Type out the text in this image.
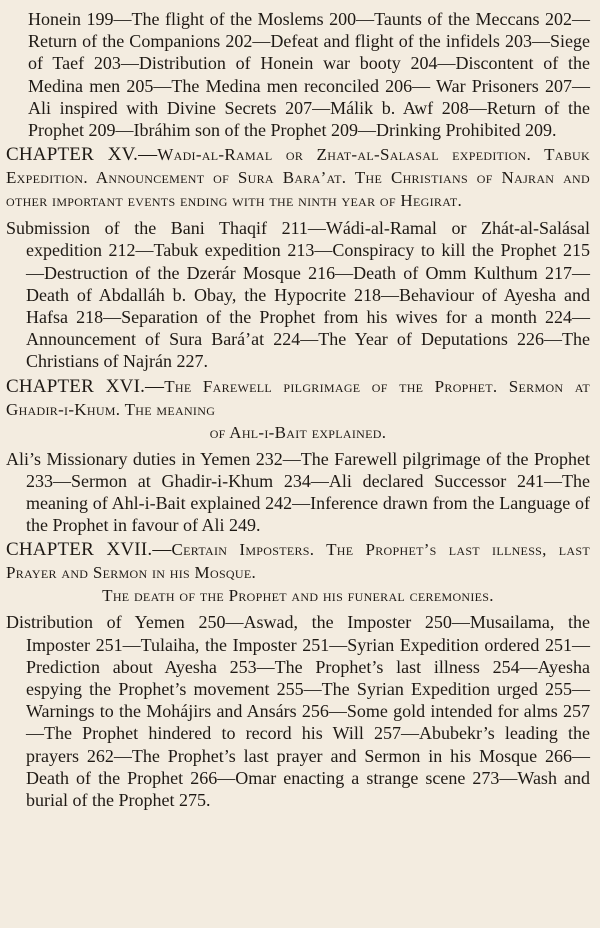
Honein 199—The flight of the Moslems 200—Taunts of the Meccans 202—Return of the Companions 202—Defeat and flight of the infidels 203—Siege of Taef 203—Distribution of Honein war booty 204—Discontent of the Medina men 205—The Medina men reconciled 206— War Prisoners 207—Ali inspired with Divine Secrets 207—Málik b. Awf 208—Return of the Prophet 209—Ibráhim son of the Prophet 209—Drinking Prohibited 209.

CHAPTER XV.—Wadi-al-Ramal or Zhat-al-Salasal expedition. Tabuk Expedition. Announcement of Sura Bara’at. The Christians of Najran and other important events ending with the ninth year of Hegirat.

Submission of the Bani Thaqif 211—Wádi-al-Ramal or Zhát-al-Salásal expedition 212—Tabuk expedition 213—Conspiracy to kill the Prophet 215—Destruction of the Dzerár Mosque 216—Death of Omm Kulthum 217— Death of Abdalláh b. Obay, the Hypocrite 218—Behaviour of Ayesha and Hafsa 218—Separation of the Prophet from his wives for a month 224—Announcement of Sura Bará’at 224—The Year of Deputations 226—The Christians of Najrán 227.

CHAPTER XVI.—The Farewell pilgrimage of the Prophet. Sermon at Ghadir-i-Khum. The meaning
of Ahl-i-Bait explained.

Ali’s Missionary duties in Yemen 232—The Farewell pilgrimage of the Prophet 233—Sermon at Ghadir-i-Khum 234—Ali declared Successor 241—The meaning of Ahl-i-Bait explained 242—Inference drawn from the Language of the Prophet in favour of Ali 249.

CHAPTER XVII.—Certain Imposters. The Prophet’s last illness, last Prayer and Sermon in his Mosque.
The death of the Prophet and his funeral ceremonies.

Distribution of Yemen 250—Aswad, the Imposter 250—Musailama, the Imposter 251—Tulaiha, the Imposter 251—Syrian Expedition ordered 251—Prediction about Ayesha 253—The Prophet’s last illness 254—Ayesha espying the Prophet’s movement 255—The Syrian Expedition urged 255—Warnings to the Mohájirs and Ansárs 256—Some gold intended for alms 257—The Prophet hindered to record his Will 257—Abubekr’s leading the prayers 262—The Prophet’s last prayer and Sermon in his Mosque 266—Death of the Prophet 266—Omar enacting a strange scene 273—Wash and burial of the Prophet 275.
